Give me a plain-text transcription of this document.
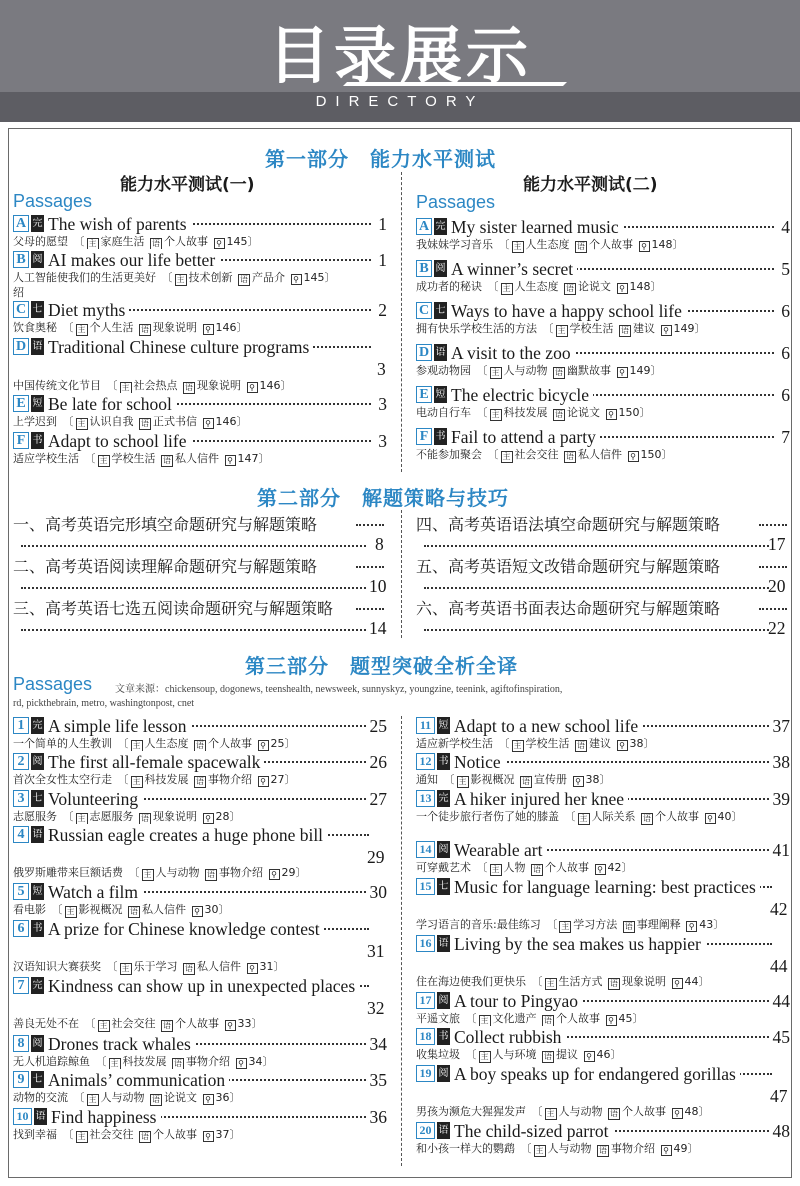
目录展示
DIRECTORY
第一部分　能力水平测试
能力水平测试(一)	能力水平测试(二)
Passages	Passages
A 完 The wish of parents	1
父母的愿望　〔 主 家庭生活 语 个人故事 ⚲ 145〕
B 阅 AI makes our life better	1
人工智能使我们的生活更美好　〔 主 技术创新 语 产品介 ⚲ 145〕
绍
C 七 Diet myths	2
饮食奥秘　〔 主 个人生活 语 现象说明 ⚲ 146〕
D 语 Traditional Chinese culture programs
3
中国传统文化节目　〔 主 社会热点 语 现象说明 ⚲ 146〕
E 短 Be late for school	3
上学迟到　〔 主 认识自我 语 正式书信 ⚲ 146〕
F 书 Adapt to school life	3
适应学校生活　〔 主 学校生活 语 私人信件 ⚲ 147〕
A 完 My sister learned music	4
我妹妹学习音乐　〔 主 人生态度 语 个人故事 ⚲ 148〕
B 阅 A winner’s secret	5
成功者的秘诀　〔 主 人生态度 语 论说文 ⚲ 148〕
C 七 Ways to have a happy school life	6
拥有快乐学校生活的方法　〔 主 学校生活 语 建议 ⚲ 149〕
D 语 A visit to the zoo	6
参观动物园　〔 主 人与动物 语 幽默故事 ⚲ 149〕
E 短 The electric bicycle	6
电动自行车　〔 主 科技发展 语 论说文 ⚲ 150〕
F 书 Fail to attend a party	7
不能参加聚会　〔 主 社会交往 语 私人信件 ⚲ 150〕
第二部分　解题策略与技巧
一、高考英语完形填空命题研究与解题策略
8
二、高考英语阅读理解命题研究与解题策略
10
三、高考英语七选五阅读命题研究与解题策略
14
四、高考英语语法填空命题研究与解题策略
17
五、高考英语短文改错命题研究与解题策略
20
六、高考英语书面表达命题研究与解题策略
22
第三部分　题型突破全析全译
Passages 文章来源：chickensoup, dogonews, teenshealth, newsweek, sunnyskyz, youngzine, teenink, agiftofinspiration,
rd, pickthebrain, metro, washingtonpost, cnet
1 完 A simple life lesson	25
一个简单的人生教训　〔 主 人生态度 语 个人故事 ⚲ 25〕
2 阅 The first all-female spacewalk	26
首次全女性太空行走　〔 主 科技发展 语 事物介绍 ⚲ 27〕
3 七 Volunteering	27
志愿服务　〔 主 志愿服务 语 现象说明 ⚲ 28〕
4 语 Russian eagle creates a huge phone bill
29
俄罗斯雕带来巨额话费　〔 主 人与动物 语 事物介绍 ⚲ 29〕
5 短 Watch a film	30
看电影　〔 主 影视概况 语 私人信件 ⚲ 30〕
6 书 A prize for Chinese knowledge contest
31
汉语知识大赛获奖　〔 主 乐于学习 语 私人信件 ⚲ 31〕
7 完 Kindness can show up in unexpected places
32
善良无处不在　〔 主 社会交往 语 个人故事 ⚲ 33〕
8 阅 Drones track whales	34
无人机追踪鲸鱼　〔 主 科技发展 语 事物介绍 ⚲ 34〕
9 七 Animals’ communication	35
动物的交流　〔 主 人与动物 语 论说文 ⚲ 36〕
10 语 Find happiness	36
找到幸福　〔 主 社会交往 语 个人故事 ⚲ 37〕
11 短 Adapt to a new school life	37
适应新学校生活　〔 主 学校生活 语 建议 ⚲ 38〕
12 书 Notice	38
通知　〔 主 影视概况 语 宣传册 ⚲ 38〕
13 完 A hiker injured her knee	39
一个徒步旅行者伤了她的膝盖　〔 主 人际关系 语 个人故事 ⚲ 40〕
14 阅 Wearable art	41
可穿戴艺术　〔 主 人物 语 个人故事 ⚲ 42〕
15 七 Music for language learning: best practices
42
学习语言的音乐:最佳练习　〔 主 学习方法 语 事理阐释 ⚲ 43〕
16 语 Living by the sea makes us happier
44
住在海边使我们更快乐　〔 主 生活方式 语 现象说明 ⚲ 44〕
17 阅 A tour to Pingyao	44
平遥文旅　〔 主 文化遗产 语 个人故事 ⚲ 45〕
18 书 Collect rubbish	45
收集垃圾　〔 主 人与环境 语 提议 ⚲ 46〕
19 阅 A boy speaks up for endangered gorillas
47
男孩为濒危大猩猩发声　〔 主 人与动物 语 个人故事 ⚲ 48〕
20 语 The child-sized parrot	48
和小孩一样大的鹦鹉　〔 主 人与动物 语 事物介绍 ⚲ 49〕
